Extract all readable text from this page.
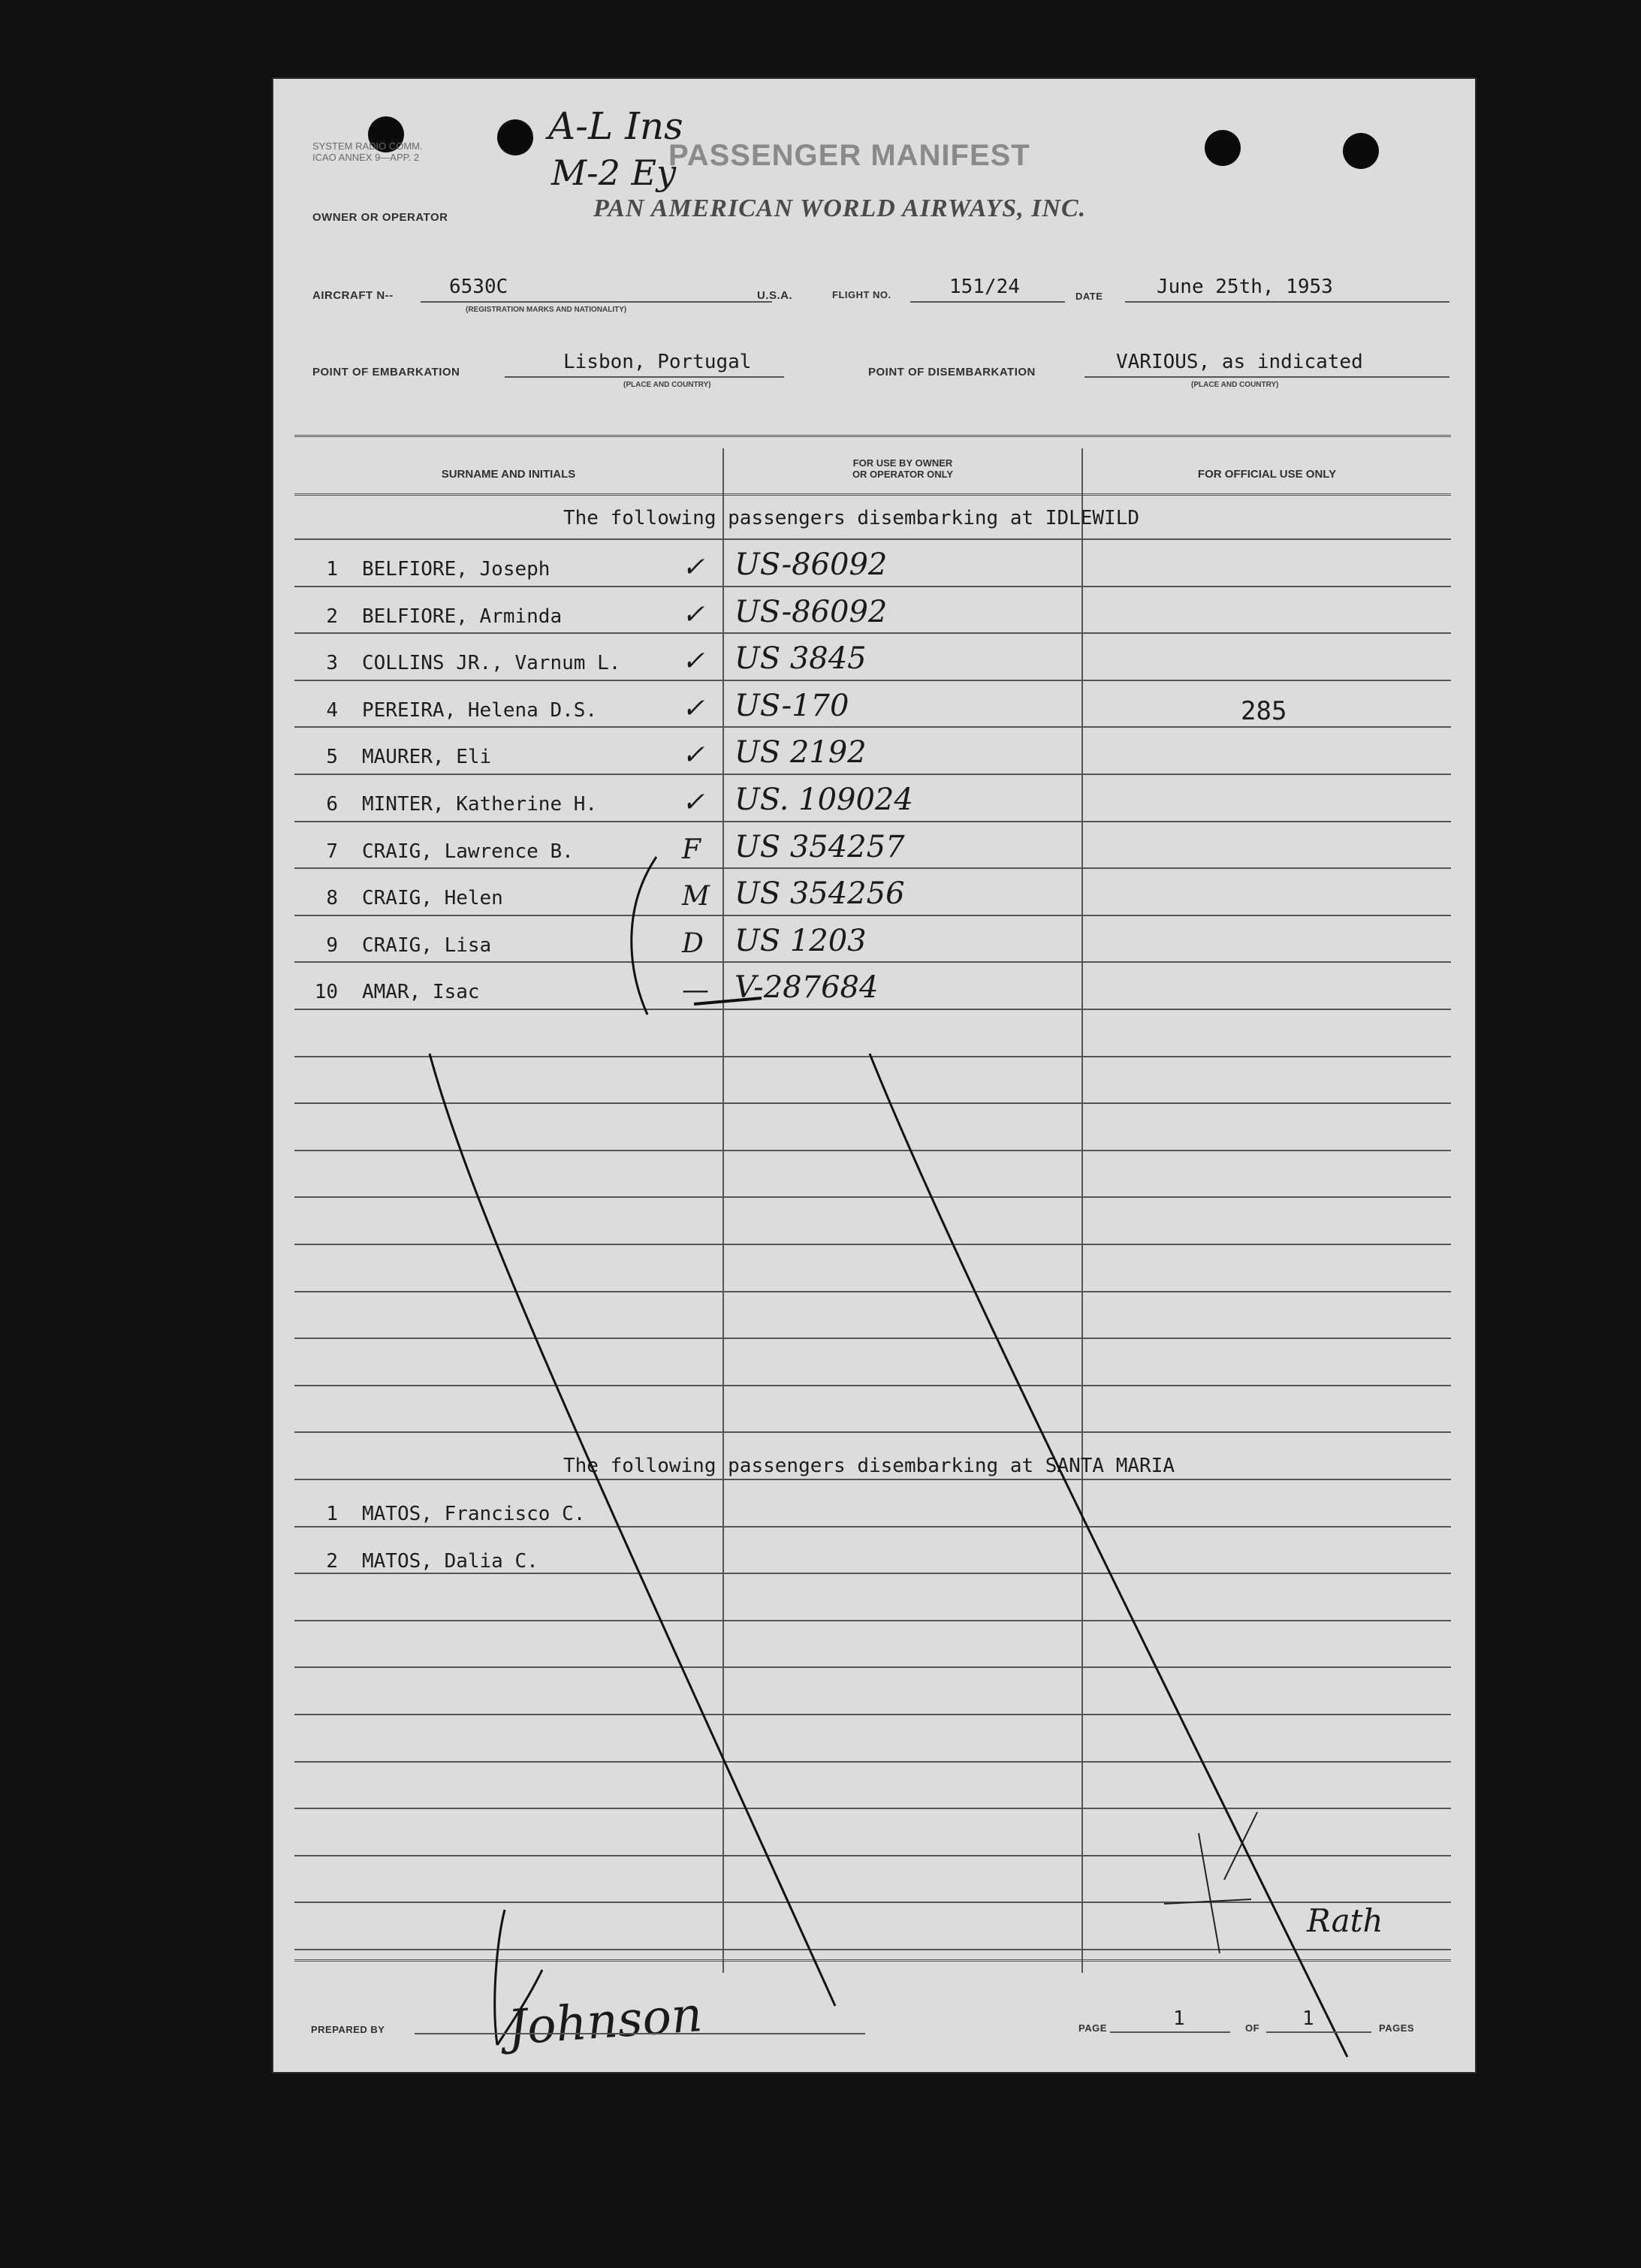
SYSTEM RADIO COMM.
ICAO ANNEX 9—APP. 2	PASSENGER MANIFEST
A-L Ins
M-2 Ey
OWNER OR OPERATOR	PAN AMERICAN WORLD AIRWAYS, INC.
AIRCRAFT N--	6530C
(REGISTRATION MARKS AND NATIONALITY)
U.S.A.	FLIGHT NO.	151/24	DATE	June 25th, 1953
POINT OF EMBARKATION	Lisbon, Portugal
(PLACE AND COUNTRY)
POINT OF DISEMBARKATION	VARIOUS, as indicated
(PLACE AND COUNTRY)
SURNAME AND INITIALS
FOR USE BY OWNER
OR OPERATOR ONLY	FOR OFFICIAL USE ONLY
The following passengers disembarking at IDLEWILD
1 BELFIORE, Joseph	✓ US-86092
2 BELFIORE, Arminda	✓ US-86092
3 COLLINS JR., Varnum L. ✓ US 3845
4 PEREIRA, Helena D.S.	✓ US-170	285
5 MAURER, Eli	✓ US 2192
6 MINTER, Katherine H.	✓ US. 109024
7 CRAIG, Lawrence B.	F US 354257
8 CRAIG, Helen	M US 354256
9 CRAIG, Lisa	D US 1203
10 AMAR, Isac	— V-287684
The following passengers disembarking at SANTA MARIA
1 MATOS, Francisco C.
2 MATOS, Dalia C.
PREPARED BY	Johnson	PAGE	1	OF 1	PAGES
Rath
